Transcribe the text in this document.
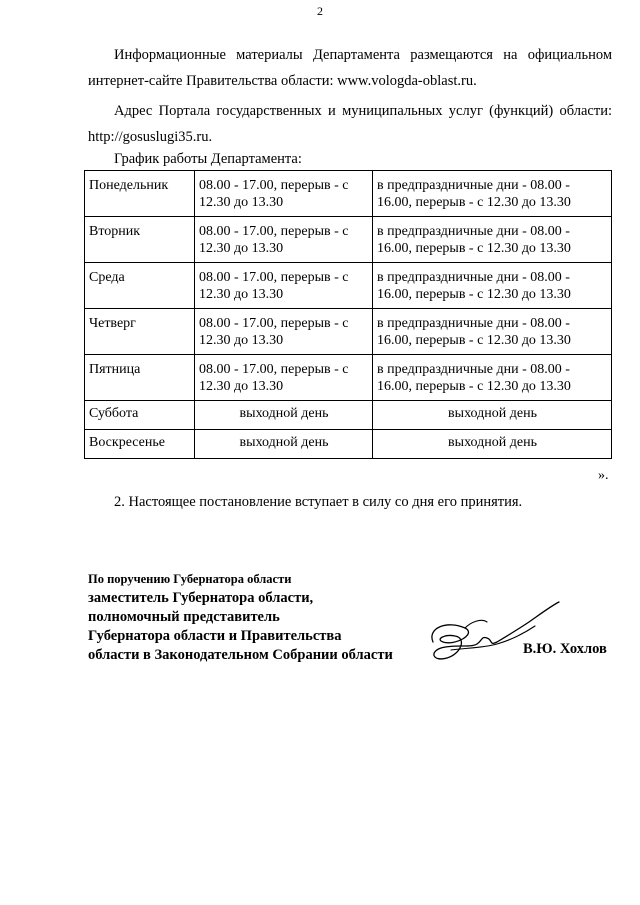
2

Информационные материалы Департамента размещаются на официальном интернет-сайте Правительства области: www.vologda-oblast.ru.

Адрес Портала государственных и муниципальных услуг (функций) области: http://gosuslugi35.ru.

График работы Департамента:

Понедельник	08.00 - 17.00, перерыв - с 12.30 до 13.30	в предпраздничные дни - 08.00 - 16.00, перерыв - с 12.30 до 13.30
Вторник	08.00 - 17.00, перерыв - с 12.30 до 13.30	в предпраздничные дни - 08.00 - 16.00, перерыв - с 12.30 до 13.30
Среда	08.00 - 17.00, перерыв - с 12.30 до 13.30	в предпраздничные дни - 08.00 - 16.00, перерыв - с 12.30 до 13.30
Четверг	08.00 - 17.00, перерыв - с 12.30 до 13.30	в предпраздничные дни - 08.00 - 16.00, перерыв - с 12.30 до 13.30
Пятница	08.00 - 17.00, перерыв - с 12.30 до 13.30	в предпраздничные дни - 08.00 - 16.00, перерыв - с 12.30 до 13.30
Суббота	выходной день	выходной день
Воскресенье	выходной день	выходной день
».

2. Настоящее постановление вступает в силу со дня его принятия.

По поручению Губернатора области
заместитель Губернатора области,
полномочный представитель
Губернатора области и Правительства
области в Законодательном Собрании области	В.Ю. Хохлов
